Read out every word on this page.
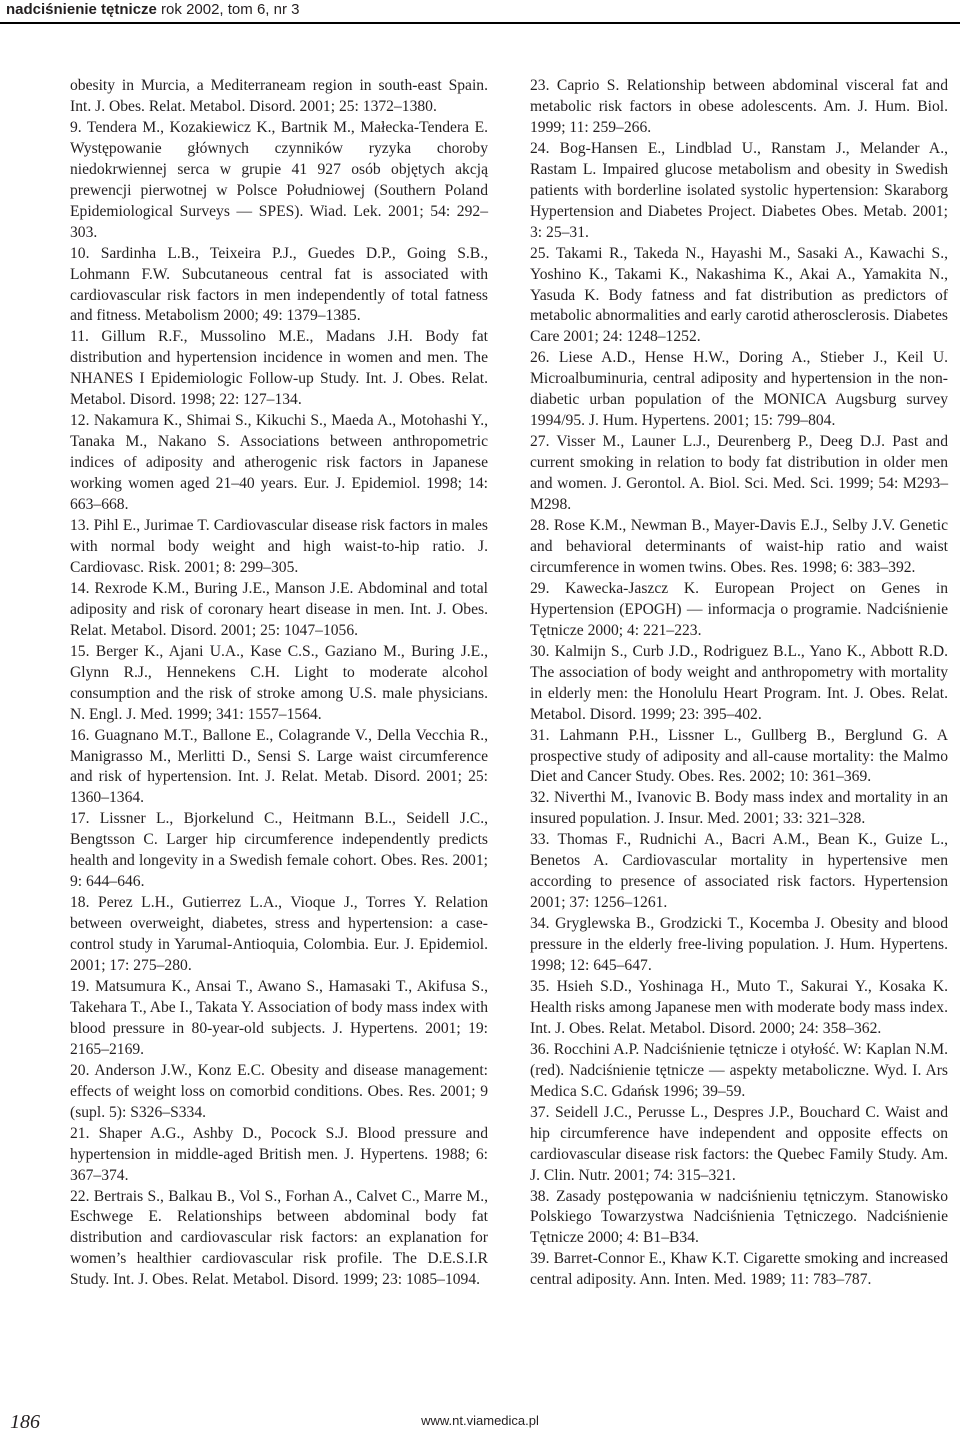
nadciśnienie tętnicze rok 2002, tom 6, nr 3

obesity in Murcia, a Mediterraneam region in south-east Spain. Int. J. Obes. Relat. Metabol. Disord. 2001; 25: 1372–1380.

9. Tendera M., Kozakiewicz K., Bartnik M., Małecka-Tendera E. Występowanie głównych czynników ryzyka choroby niedokrwiennej serca w grupie 41 927 osób objętych akcją prewencji pierwotnej w Polsce Południowej (Southern Poland Epidemiological Surveys — SPES). Wiad. Lek. 2001; 54: 292–303.

10. Sardinha L.B., Teixeira P.J., Guedes D.P., Going S.B., Lohmann F.W. Subcutaneous central fat is associated with cardiovascular risk factors in men independently of total fatness and fitness. Metabolism 2000; 49: 1379–1385.

11. Gillum R.F., Mussolino M.E., Madans J.H. Body fat distribution and hypertension incidence in women and men. The NHANES I Epidemiologic Follow-up Study. Int. J. Obes. Relat. Metabol. Disord. 1998; 22: 127–134.

12. Nakamura K., Shimai S., Kikuchi S., Maeda A., Motohashi Y., Tanaka M., Nakano S. Associations between anthropometric indices of adiposity and atherogenic risk factors in Japanese working women aged 21–40 years. Eur. J. Epidemiol. 1998; 14: 663–668.

13. Pihl E., Jurimae T. Cardiovascular disease risk factors in males with normal body weight and high waist-to-hip ratio. J. Cardiovasc. Risk. 2001; 8: 299–305.

14. Rexrode K.M., Buring J.E., Manson J.E. Abdominal and total adiposity and risk of coronary heart disease in men. Int. J. Obes. Relat. Metabol. Disord. 2001; 25: 1047–1056.

15. Berger K., Ajani U.A., Kase C.S., Gaziano M., Buring J.E., Glynn R.J., Hennekens C.H. Light to moderate alcohol consumption and the risk of stroke among U.S. male physicians. N. Engl. J. Med. 1999; 341: 1557–1564.

16. Guagnano M.T., Ballone E., Colagrande V., Della Vecchia R., Manigrasso M., Merlitti D., Sensi S. Large waist circumference and risk of hypertension. Int. J. Relat. Metab. Disord. 2001; 25: 1360–1364.

17. Lissner L., Bjorkelund C., Heitmann B.L., Seidell J.C., Bengtsson C. Larger hip circumference independently predicts health and longevity in a Swedish female cohort. Obes. Res. 2001; 9: 644–646.

18. Perez L.H., Gutierrez L.A., Vioque J., Torres Y. Relation between overweight, diabetes, stress and hypertension: a case-control study in Yarumal-Antioquia, Colombia. Eur. J. Epidemiol. 2001; 17: 275–280.

19. Matsumura K., Ansai T., Awano S., Hamasaki T., Akifusa S., Takehara T., Abe I., Takata Y. Association of body mass index with blood pressure in 80-year-old subjects. J. Hypertens. 2001; 19: 2165–2169.

20. Anderson J.W., Konz E.C. Obesity and disease management: effects of weight loss on comorbid conditions. Obes. Res. 2001; 9 (supl. 5): S326–S334.

21. Shaper A.G., Ashby D., Pocock S.J. Blood pressure and hypertension in middle-aged British men. J. Hypertens. 1988; 6: 367–374.

22. Bertrais S., Balkau B., Vol S., Forhan A., Calvet C., Marre M., Eschwege E. Relationships between abdominal body fat distribution and cardiovascular risk factors: an explanation for women’s healthier cardiovascular risk profile. The D.E.S.I.R Study. Int. J. Obes. Relat. Metabol. Disord. 1999; 23: 1085–1094.

23. Caprio S. Relationship between abdominal visceral fat and metabolic risk factors in obese adolescents. Am. J. Hum. Biol. 1999; 11: 259–266.

24. Bog-Hansen E., Lindblad U., Ranstam J., Melander A., Rastam L. Impaired glucose metabolism and obesity in Swedish patients with borderline isolated systolic hypertension: Skaraborg Hypertension and Diabetes Project. Diabetes Obes. Metab. 2001; 3: 25–31.

25. Takami R., Takeda N., Hayashi M., Sasaki A., Kawachi S., Yoshino K., Takami K., Nakashima K., Akai A., Yamakita N., Yasuda K. Body fatness and fat distribution as predictors of metabolic abnormalities and early carotid atherosclerosis. Diabetes Care 2001; 24: 1248–1252.

26. Liese A.D., Hense H.W., Doring A., Stieber J., Keil U. Microalbuminuria, central adiposity and hypertension in the non-diabetic urban population of the MONICA Augsburg survey 1994/95. J. Hum. Hypertens. 2001; 15: 799–804.

27. Visser M., Launer L.J., Deurenberg P., Deeg D.J. Past and current smoking in relation to body fat distribution in older men and women. J. Gerontol. A. Biol. Sci. Med. Sci. 1999; 54: M293–M298.

28. Rose K.M., Newman B., Mayer-Davis E.J., Selby J.V. Genetic and behavioral determinants of waist-hip ratio and waist circumference in women twins. Obes. Res. 1998; 6: 383–392.

29. Kawecka-Jaszcz K. European Project on Genes in Hypertension (EPOGH) — informacja o programie. Nadciśnienie Tętnicze 2000; 4: 221–223.

30. Kalmijn S., Curb J.D., Rodriguez B.L., Yano K., Abbott R.D. The association of body weight and anthropometry with mortality in elderly men: the Honolulu Heart Program. Int. J. Obes. Relat. Metabol. Disord. 1999; 23: 395–402.

31. Lahmann P.H., Lissner L., Gullberg B., Berglund G. A prospective study of adiposity and all-cause mortality: the Malmo Diet and Cancer Study. Obes. Res. 2002; 10: 361–369.

32. Niverthi M., Ivanovic B. Body mass index and mortality in an insured population. J. Insur. Med. 2001; 33: 321–328.

33. Thomas F., Rudnichi A., Bacri A.M., Bean K., Guize L., Benetos A. Cardiovascular mortality in hypertensive men according to presence of associated risk factors. Hypertension 2001; 37: 1256–1261.

34. Gryglewska B., Grodzicki T., Kocemba J. Obesity and blood pressure in the elderly free-living population. J. Hum. Hypertens. 1998; 12: 645–647.

35. Hsieh S.D., Yoshinaga H., Muto T., Sakurai Y., Kosaka K. Health risks among Japanese men with moderate body mass index. Int. J. Obes. Relat. Metabol. Disord. 2000; 24: 358–362.

36. Rocchini A.P. Nadciśnienie tętnicze i otyłość. W: Kaplan N.M. (red). Nadciśnienie tętnicze — aspekty metaboliczne. Wyd. I. Ars Medica S.C. Gdańsk 1996; 39–59.

37. Seidell J.C., Perusse L., Despres J.P., Bouchard C. Waist and hip circumference have independent and opposite effects on cardiovascular disease risk factors: the Quebec Family Study. Am. J. Clin. Nutr. 2001; 74: 315–321.

38. Zasady postępowania w nadciśnieniu tętniczym. Stanowisko Polskiego Towarzystwa Nadciśnienia Tętniczego. Nadciśnienie Tętnicze 2000; 4: B1–B34.

39. Barret-Connor E., Khaw K.T. Cigarette smoking and increased central adiposity. Ann. Inten. Med. 1989; 11: 783–787.

186	www.nt.viamedica.pl
